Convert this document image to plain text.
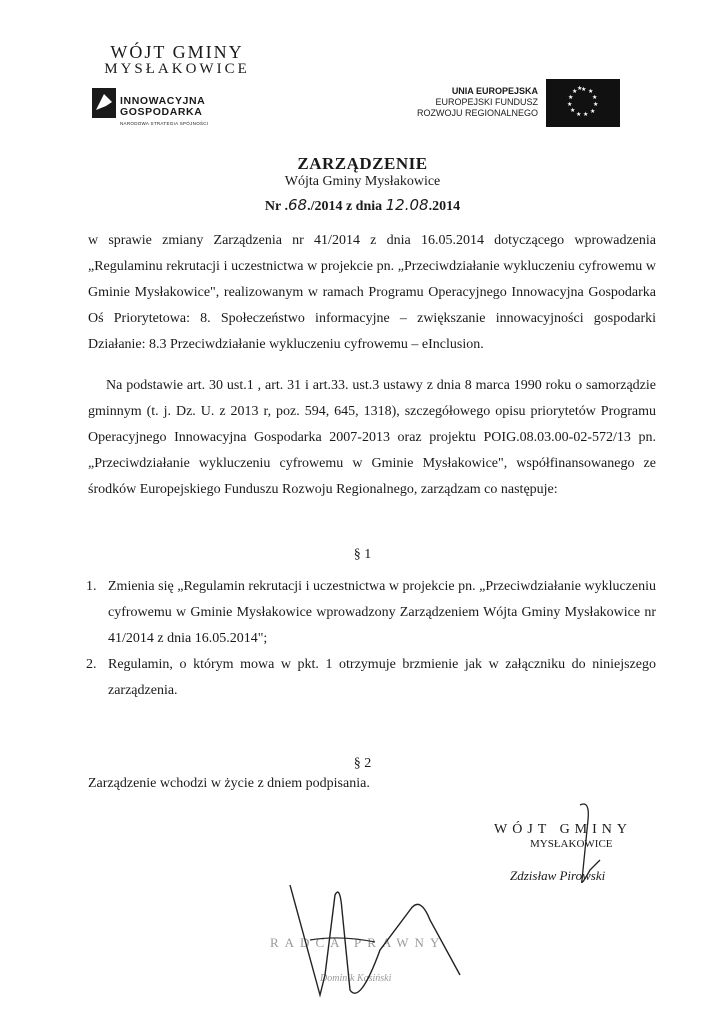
WÓJT GMINY
MYSŁAKOWICE
INNOWACYJNA
GOSPODARKA
NARODOWA STRATEGIA SPÓJNOŚCI
UNIA EUROPEJSKA
EUROPEJSKI FUNDUSZ
ROZWOJU REGIONALNEGO
★ ★
★
★
★
★
★
★
★
★
★ ★
ZARZĄDZENIE
Wójta Gminy Mysłakowice
Nr .68./2014 z dnia 12.08.2014
w sprawie zmiany Zarządzenia nr 41/2014 z dnia 16.05.2014 dotyczącego wprowadzenia „Regulaminu rekrutacji i uczestnictwa w projekcie pn. „Przeciwdziałanie wykluczeniu cyfrowemu w Gminie Mysłakowice", realizowanym w ramach Programu Operacyjnego Innowacyjna Gospodarka Oś Priorytetowa: 8. Społeczeństwo informacyjne – zwiększanie innowacyjności gospodarki Działanie: 8.3 Przeciwdziałanie wykluczeniu cyfrowemu – eInclusion.
Na podstawie art. 30 ust.1 , art. 31 i art.33. ust.3 ustawy z dnia 8 marca 1990 roku o samorządzie gminnym (t. j. Dz. U. z 2013 r, poz. 594, 645, 1318), szczegółowego opisu priorytetów Programu Operacyjnego Innowacyjna Gospodarka 2007-2013 oraz projektu POIG.08.03.00-02-572/13 pn. „Przeciwdziałanie wykluczeniu cyfrowemu w Gminie Mysłakowice", współfinansowanego ze środków Europejskiego Funduszu Rozwoju Regionalnego, zarządzam co następuje:
§ 1
1. Zmienia się „Regulamin rekrutacji i uczestnictwa w projekcie pn. „Przeciwdziałanie wykluczeniu cyfrowemu w Gminie Mysłakowice wprowadzony Zarządzeniem Wójta Gminy Mysłakowice nr 41/2014 z dnia 16.05.2014";
2. Regulamin, o którym mowa w pkt. 1 otrzymuje brzmienie jak w załączniku do niniejszego zarządzenia.
§ 2
Zarządzenie wchodzi w życie z dniem podpisania.
WÓJT GMINY
MYSŁAKOWICE
Zdzisław Pirowski
RADCA PRAWNY
Dominik Kasiński
